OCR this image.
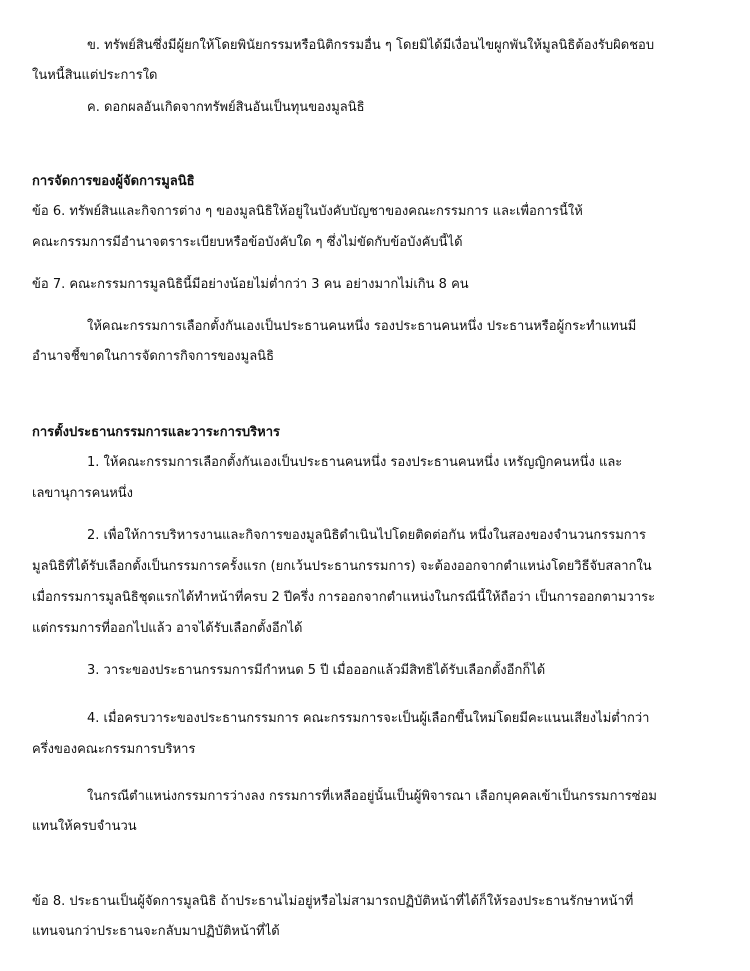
ข. ทรัพย์สินซึ่งมีผู้ยกให้โดยพินัยกรรมหรือนิติกรรมอื่น ๆ โดยมิได้มีเงื่อนไขผูกพันให้มูลนิธิต้องรับผิดชอบ
ในหนี้สินแต่ประการใด
ค. ดอกผลอันเกิดจากทรัพย์สินอันเป็นทุนของมูลนิธิ
การจัดการของผู้จัดการมูลนิธิ
ข้อ 6. ทรัพย์สินและกิจการต่าง ๆ ของมูลนิธิให้อยู่ในบังคับบัญชาของคณะกรรมการ และเพื่อการนี้ให้
คณะกรรมการมีอำนาจตราระเบียบหรือข้อบังคับใด ๆ ซึ่งไม่ขัดกับข้อบังคับนี้ได้
ข้อ 7. คณะกรรมการมูลนิธินี้มีอย่างน้อยไม่ต่ำกว่า 3 คน อย่างมากไม่เกิน 8 คน
ให้คณะกรรมการเลือกตั้งกันเองเป็นประธานคนหนึ่ง รองประธานคนหนึ่ง ประธานหรือผู้กระทำแทนมี
อำนาจชี้ขาดในการจัดการกิจการของมูลนิธิ
การตั้งประธานกรรมการและวาระการบริหาร
1. ให้คณะกรรมการเลือกตั้งกันเองเป็นประธานคนหนึ่ง รองประธานคนหนึ่ง เหรัญญิกคนหนึ่ง และ
เลขานุการคนหนึ่ง
2. เพื่อให้การบริหารงานและกิจการของมูลนิธิดำเนินไปโดยติดต่อกัน หนึ่งในสองของจำนวนกรรมการ
มูลนิธิที่ได้รับเลือกตั้งเป็นกรรมการครั้งแรก (ยกเว้นประธานกรรมการ) จะต้องออกจากตำแหน่งโดยวิธีจับสลากใน
เมื่อกรรมการมูลนิธิชุดแรกได้ทำหน้าที่ครบ 2 ปีครึ่ง การออกจากตำแหน่งในกรณีนี้ให้ถือว่า เป็นการออกตามวาระ
แต่กรรมการที่ออกไปแล้ว อาจได้รับเลือกตั้งอีกได้
3. วาระของประธานกรรมการมีกำหนด 5 ปี เมื่อออกแล้วมีสิทธิได้รับเลือกตั้งอีกก็ได้
4. เมื่อครบวาระของประธานกรรมการ คณะกรรมการจะเป็นผู้เลือกขึ้นใหม่โดยมีคะแนนเสียงไม่ต่ำกว่า
ครึ่งของคณะกรรมการบริหาร
ในกรณีตำแหน่งกรรมการว่างลง กรรมการที่เหลืออยู่นั้นเป็นผู้พิจารณา เลือกบุคคลเข้าเป็นกรรมการซ่อม
แทนให้ครบจำนวน
ข้อ 8. ประธานเป็นผู้จัดการมูลนิธิ ถ้าประธานไม่อยู่หรือไม่สามารถปฏิบัติหน้าที่ได้ก็ให้รองประธานรักษาหน้าที่
แทนจนกว่าประธานจะกลับมาปฏิบัติหน้าที่ได้
